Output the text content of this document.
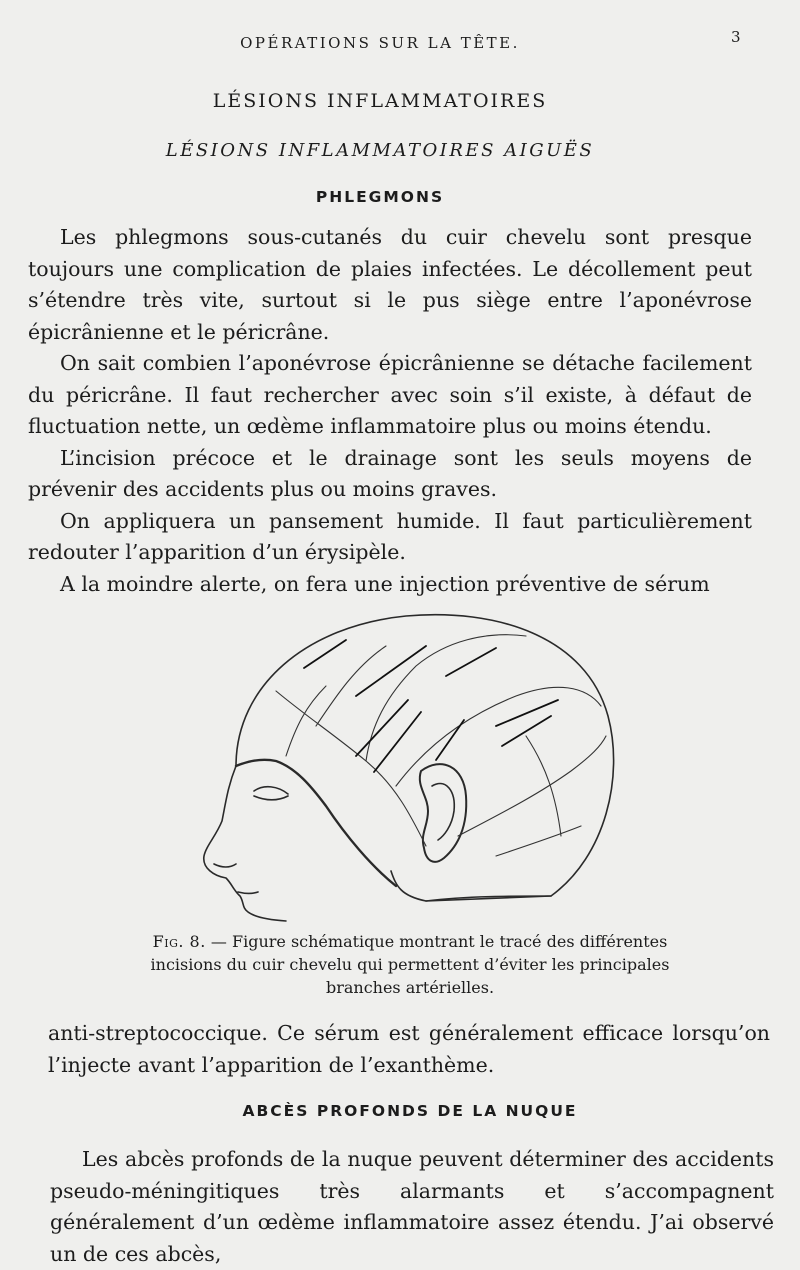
OPÉRATIONS SUR LA TÊTE.	3
LÉSIONS INFLAMMATOIRES
LÉSIONS INFLAMMATOIRES AIGUËS
PHLEGMONS

Les phlegmons sous-cutanés du cuir chevelu sont presque toujours une complication de plaies infectées. Le décollement peut s’étendre très vite, surtout si le pus siège entre l’aponévrose épicrânienne et le péricrâne.

On sait combien l’aponévrose épicrânienne se détache facilement du péricrâne. Il faut rechercher avec soin s’il existe, à défaut de fluctuation nette, un œdème inflammatoire plus ou moins étendu.

L’incision précoce et le drainage sont les seuls moyens de prévenir des accidents plus ou moins graves.

On appliquera un pansement humide. Il faut particulièrement redouter l’apparition d’un érysipèle.

A la moindre alerte, on fera une injection préventive de sérum

Fig. 8. — Figure schématique montrant le tracé des différentes incisions du cuir chevelu qui permettent d’éviter les principales branches artérielles.

anti-streptococcique. Ce sérum est généralement efficace lorsqu’on l’injecte avant l’apparition de l’exanthème.

ABCÈS PROFONDS DE LA NUQUE

Les abcès profonds de la nuque peuvent déterminer des accidents pseudo-méningitiques très alarmants et s’accompagnent généralement d’un œdème inflammatoire assez étendu. J’ai observé un de ces abcès,
